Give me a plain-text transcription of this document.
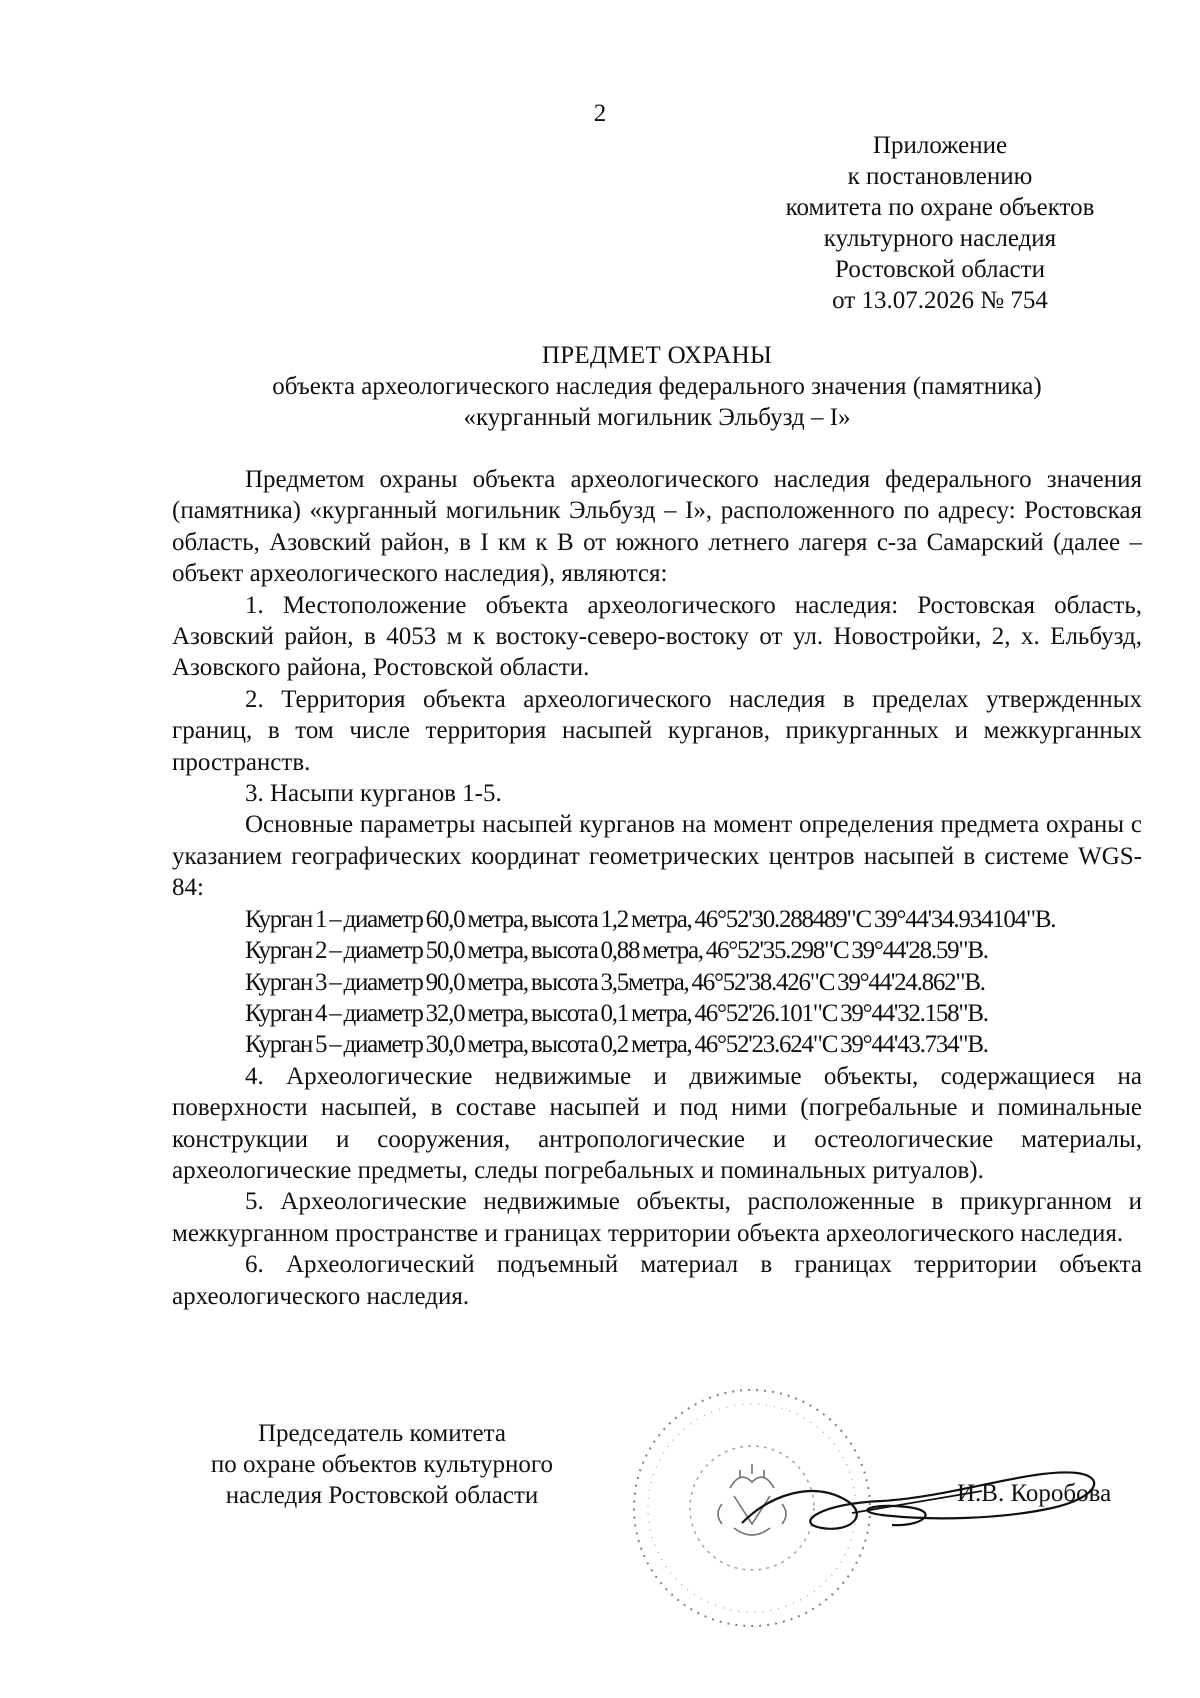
2
Приложение
к постановлению
комитета по охране объектов
культурного наследия
Ростовской области
от 13.07.2026 № 754
ПРЕДМЕТ ОХРАНЫ
объекта археологического наследия федерального значения (памятника)
«курганный могильник Эльбузд – I»

Предметом охраны объекта археологического наследия федерального значения (памятника) «курганный могильник Эльбузд – I», расположенного по адресу: Ростовская область, Азовский район, в I км к В от южного летнего лагеря с-за Самарский (далее – объект археологического наследия), являются:

1. Местоположение объекта археологического наследия: Ростовская область, Азовский район, в 4053 м к востоку-северо-востоку от ул. Новостройки, 2, х. Ельбузд, Азовского района, Ростовской области.

2. Территория объекта археологического наследия в пределах утвержденных границ, в том числе территория насыпей курганов, прикурганных и межкурганных пространств.

3. Насыпи курганов 1-5.

Основные параметры насыпей курганов на момент определения предмета охраны с указанием географических координат геометрических центров насыпей в системе WGS-84:

Курган 1 – диаметр 60,0 метра, высота 1,2 метра, 46°52'30.288489"С 39°44'34.934104"В.
Курган 2 – диаметр 50,0 метра, высота 0,88 метра, 46°52'35.298"С 39°44'28.59"В.
Курган 3 – диаметр 90,0 метра, высота 3,5метра, 46°52'38.426"С 39°44'24.862"В.
Курган 4 – диаметр 32,0 метра, высота 0,1 метра, 46°52'26.101"С 39°44'32.158"В.
Курган 5 – диаметр 30,0 метра, высота 0,2 метра, 46°52'23.624"С 39°44'43.734"В.

4. Археологические недвижимые и движимые объекты, содержащиеся на поверхности насыпей, в составе насыпей и под ними (погребальные и поминальные конструкции и сооружения, антропологические и остеологические материалы, археологические предметы, следы погребальных и поминальных ритуалов).

5. Археологические недвижимые объекты, расположенные в прикурганном и межкурганном пространстве и границах территории объекта археологического наследия.

6. Археологический подъемный материал в границах территории объекта археологического наследия.

Председатель комитета
по охране объектов культурного
наследия Ростовской области	И.В. Коробова
